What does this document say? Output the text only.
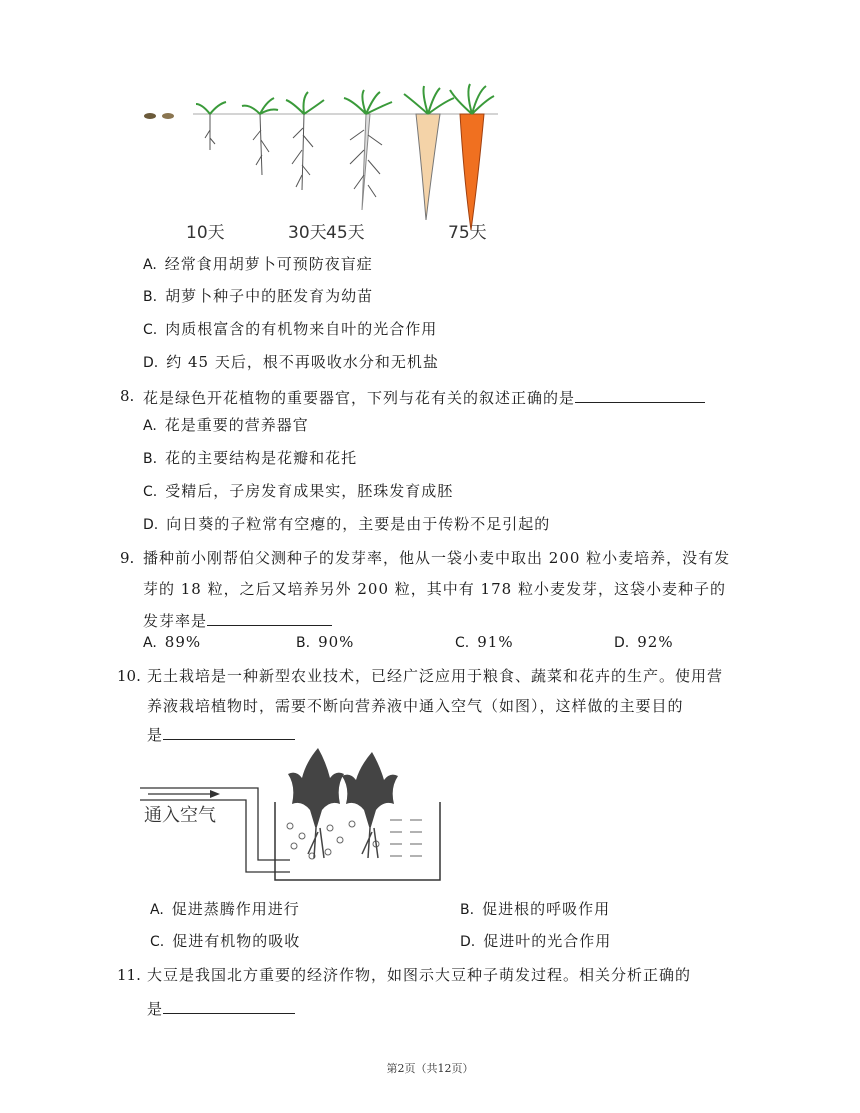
10天	30天 45天	75天
A. 经常食用胡萝卜可预防夜盲症
B. 胡萝卜种子中的胚发育为幼苗
C. 肉质根富含的有机物来自叶的光合作用
D. 约 45 天后，根不再吸收水分和无机盐
8. 花是绿色开花植物的重要器官，下列与花有关的叙述正确的是
A. 花是重要的营养器官
B. 花的主要结构是花瓣和花托
C. 受精后，子房发育成果实，胚珠发育成胚
D. 向日葵的子粒常有空瘪的，主要是由于传粉不足引起的
9. 播种前小刚帮伯父测种子的发芽率，他从一袋小麦中取出 200 粒小麦培养，没有发
芽的 18 粒，之后又培养另外 200 粒，其中有 178 粒小麦发芽，这袋小麦种子的
发芽率是
A. 89%	B. 90%	C. 91%	D. 92%
10. 无土栽培是一种新型农业技术，已经广泛应用于粮食、蔬菜和花卉的生产。使用营
养液栽培植物时，需要不断向营养液中通入空气（如图），这样做的主要目的
是
通入空气
A. 促进蒸腾作用进行	B. 促进根的呼吸作用
C. 促进有机物的吸收	D. 促进叶的光合作用
11. 大豆是我国北方重要的经济作物，如图示大豆种子萌发过程。相关分析正确的
是
第2页（共12页）
